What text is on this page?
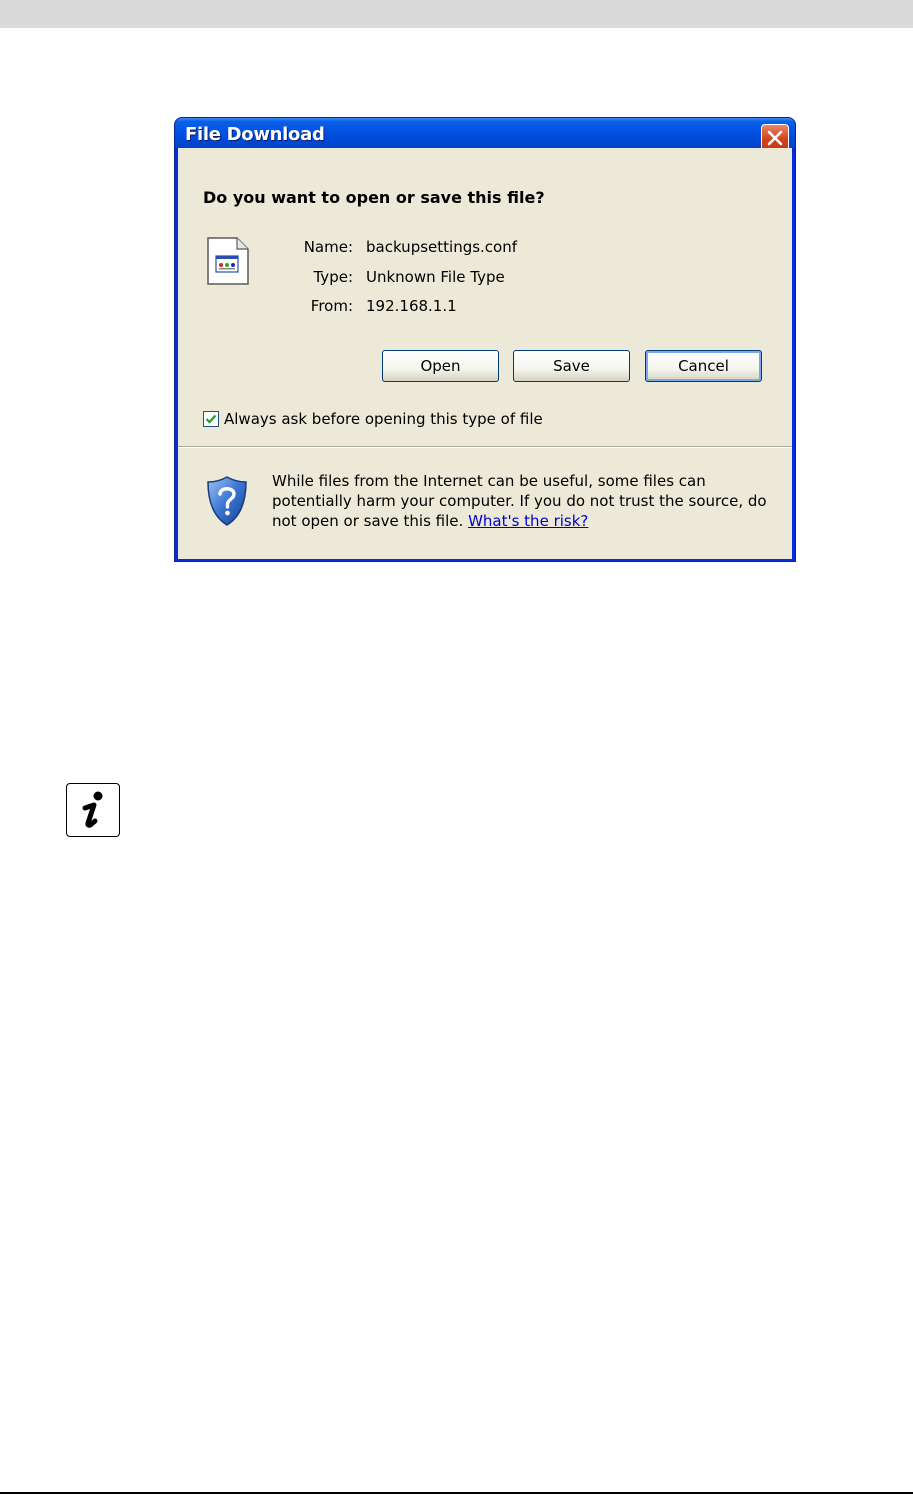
File Download
Do you want to open or save this file?
Name: backupsettings.conf
Type: Unknown File Type
From: 192.168.1.1
Open	Save	Cancel
Always ask before opening this type of file
While files from the Internet can be useful, some files can potentially harm your computer. If you do not trust the source, do not open or save this file. What's the risk?
